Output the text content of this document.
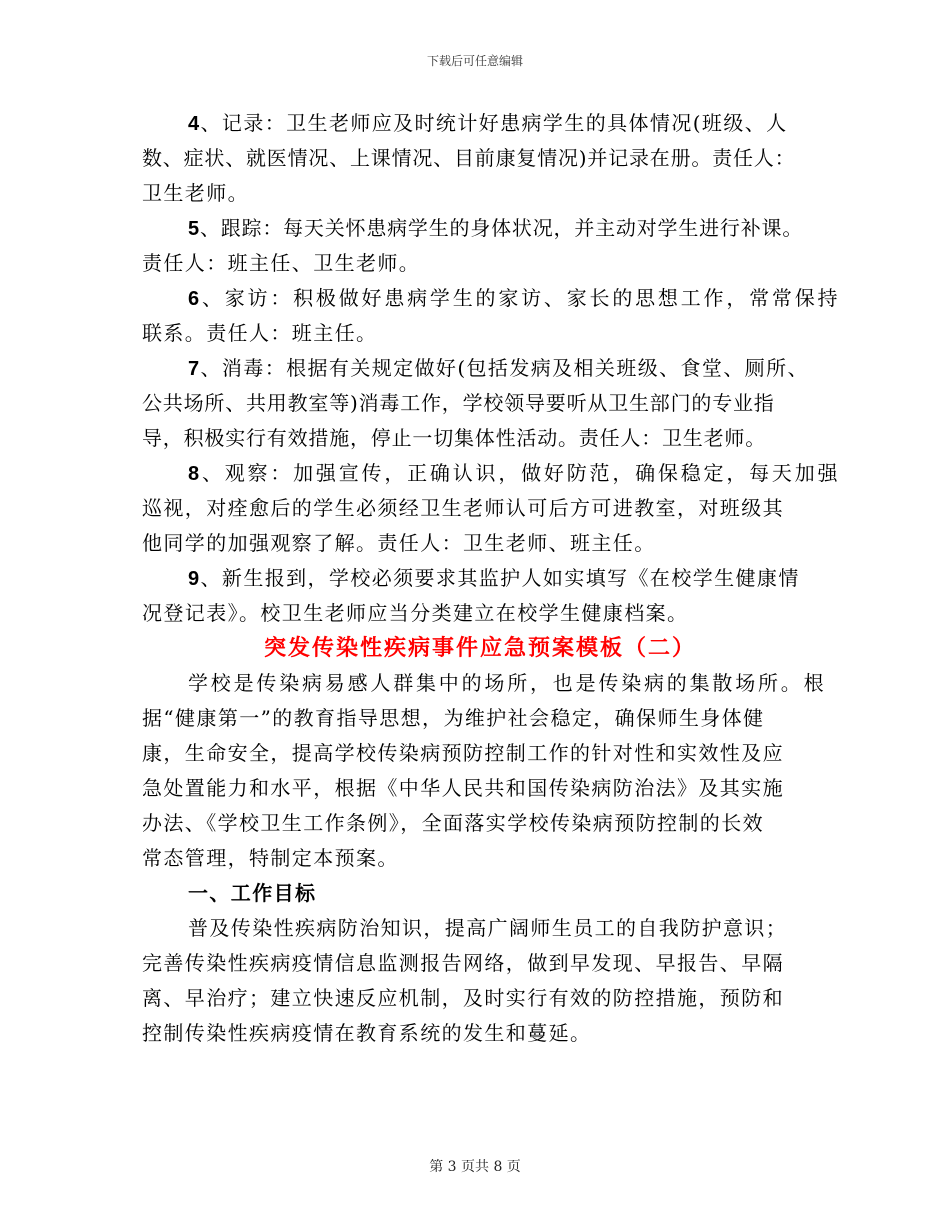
下载后可任意编辑
4、记录：卫生老师应及时统计好患病学生的具体情况(班级、人
数、症状、就医情况、上课情况、目前康复情况)并记录在册。责任人：
卫生老师。
5、跟踪：每天关怀患病学生的身体状况，并主动对学生进行补课。
责任人：班主任、卫生老师。
6、家访：积极做好患病学生的家访、家长的思想工作，常常保持
联系。责任人：班主任。
7、消毒：根据有关规定做好(包括发病及相关班级、食堂、厕所、
公共场所、共用教室等)消毒工作，学校领导要听从卫生部门的专业指
导，积极实行有效措施，停止一切集体性活动。责任人：卫生老师。
8、观察：加强宣传，正确认识，做好防范，确保稳定，每天加强
巡视，对痊愈后的学生必须经卫生老师认可后方可进教室，对班级其
他同学的加强观察了解。责任人：卫生老师、班主任。
9、新生报到，学校必须要求其监护人如实填写《在校学生健康情
况登记表》。校卫生老师应当分类建立在校学生健康档案。
突发传染性疾病事件应急预案模板（二）
学校是传染病易感人群集中的场所，也是传染病的集散场所。根
据“健康第一”的教育指导思想，为维护社会稳定，确保师生身体健
康，生命安全，提高学校传染病预防控制工作的针对性和实效性及应
急处置能力和水平，根据《中华人民共和国传染病防治法》及其实施
办法、《学校卫生工作条例》，全面落实学校传染病预防控制的长效
常态管理，特制定本预案。
一、工作目标
普及传染性疾病防治知识，提高广阔师生员工的自我防护意识；
完善传染性疾病疫情信息监测报告网络，做到早发现、早报告、早隔
离、早治疗；建立快速反应机制，及时实行有效的防控措施，预防和
控制传染性疾病疫情在教育系统的发生和蔓延。
第 3 页共 8 页
